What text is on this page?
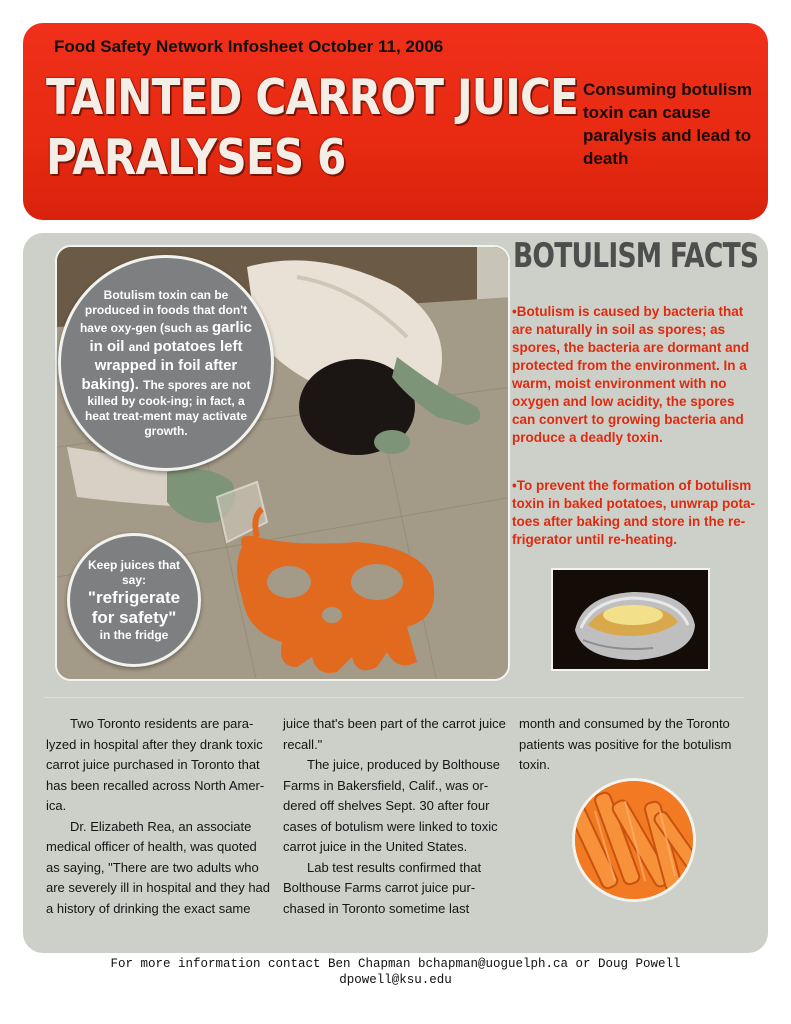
Food Safety Network Infosheet October 11, 2006
TAINTED CARROT JUICE
PARALYSES 6
Consuming botulism toxin can cause paralysis and lead to death
Botulism toxin can be produced in foods that don't have oxy-gen (such as garlic in oil and potatoes left wrapped in foil after baking). The spores are not killed by cook-ing; in fact, a heat treat-ment may activate growth.
Keep juices that say:
"refrigerate for safety"
in the fridge
BOTULISM FACTS
•Botulism is caused by bacteria that are naturally in soil as spores; as spores, the bacteria are dormant and protected from the environment. In a warm, moist environment with no oxygen and low acidity, the spores can convert to growing bacteria and produce a deadly toxin.
•To prevent the formation of botulism toxin in baked potatoes, unwrap pota-toes after baking and store in the re-frigerator until re-heating.

Two Toronto residents are para-lyzed in hospital after they drank toxic carrot juice purchased in Toronto that has been recalled across North Amer-ica.

Dr. Elizabeth Rea, an associate medical officer of health, was quoted as saying, "There are two adults who are severely ill in hospital and they had a history of drinking the exact same

juice that's been part of the carrot juice recall."

The juice, produced by Bolthouse Farms in Bakersfield, Calif., was or-dered off shelves Sept. 30 after four cases of botulism were linked to toxic carrot juice in the United States.

Lab test results confirmed that Bolthouse Farms carrot juice pur-chased in Toronto sometime last

month and consumed by the Toronto patients was positive for the botulism toxin.

For more information contact Ben Chapman bchapman@uoguelph.ca or Doug Powell
dpowell@ksu.edu
